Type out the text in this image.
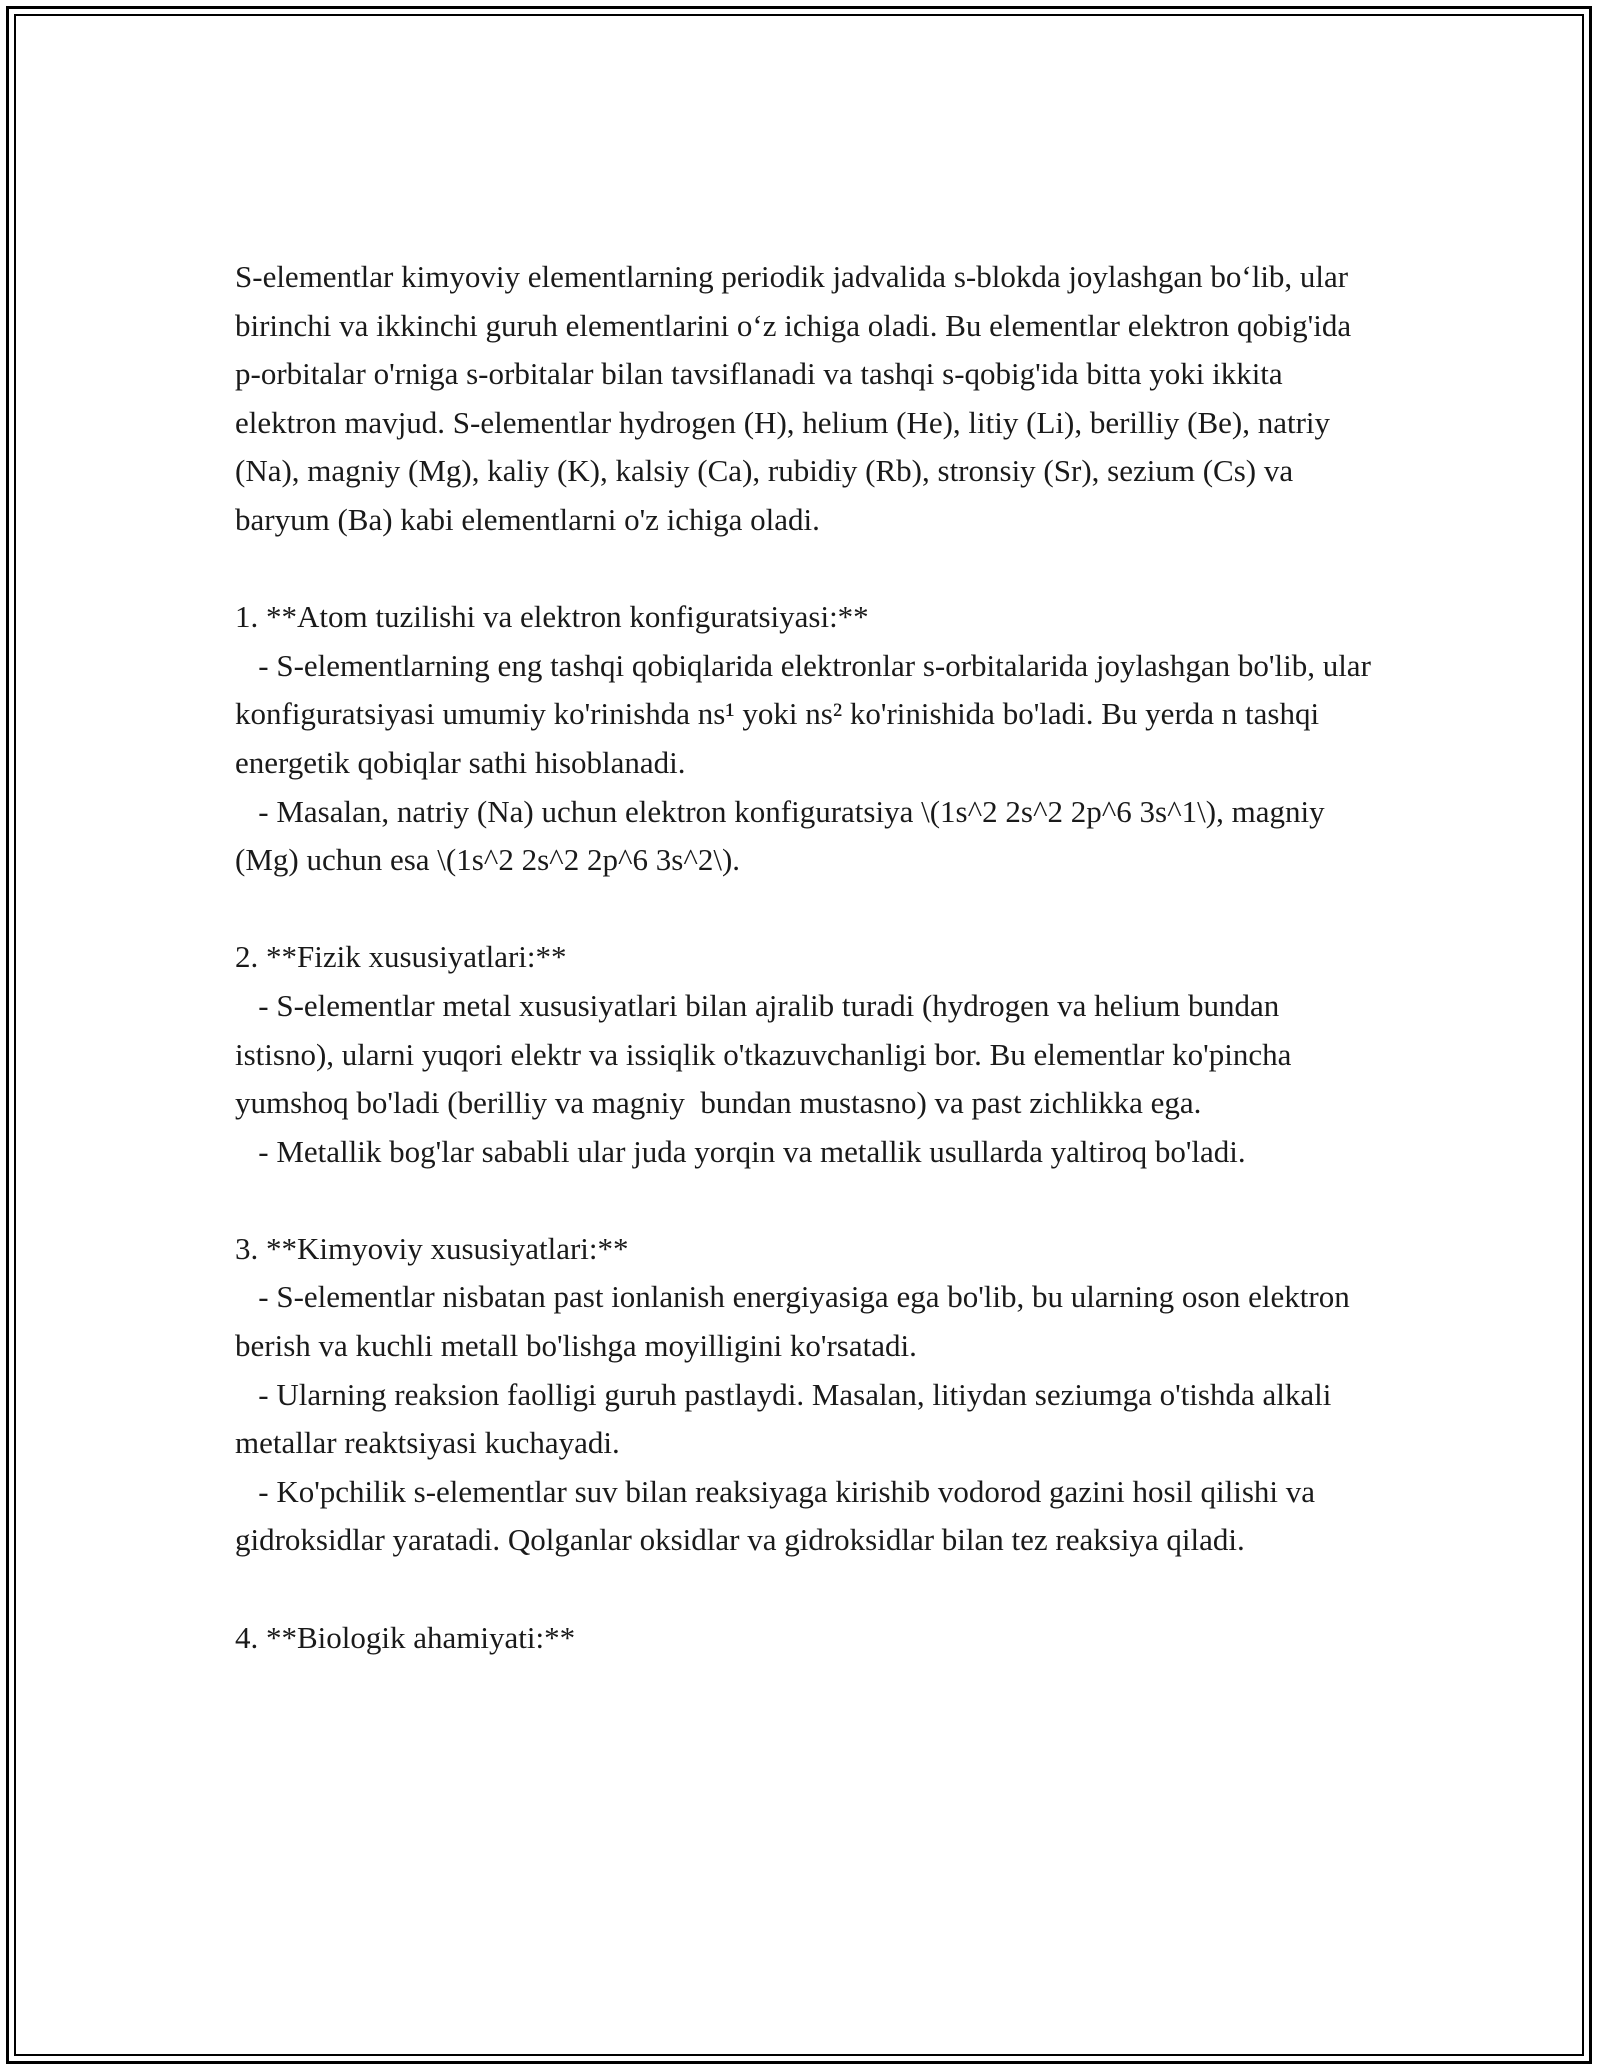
S-elementlar kimyoviy elementlarning periodik jadvalida s-blokda joylashgan bo‘lib, ular birinchi va ikkinchi guruh elementlarini o‘z ichiga oladi. Bu elementlar elektron qobig'ida p-orbitalar o'rniga s-orbitalar bilan tavsiflanadi va tashqi s-qobig'ida bitta yoki ikkita elektron mavjud. S-elementlar hydrogen (H), helium (He), litiy (Li), berilliy (Be), natriy (Na), magniy (Mg), kaliy (K), kalsiy (Ca), rubidiy (Rb), stronsiy (Sr), sezium (Cs) va baryum (Ba) kabi elementlarni o'z ichiga oladi.

1. **Atom tuzilishi va elektron konfiguratsiyasi:**

- S-elementlarning eng tashqi qobiqlarida elektronlar s-orbitalarida joylashgan bo'lib, ular konfiguratsiyasi umumiy ko'rinishda ns¹ yoki ns² ko'rinishida bo'ladi. Bu yerda n tashqi energetik qobiqlar sathi hisoblanadi.

- Masalan, natriy (Na) uchun elektron konfiguratsiya \(1s^2 2s^2 2p^6 3s^1\), magniy (Mg) uchun esa \(1s^2 2s^2 2p^6 3s^2\).

2. **Fizik xususiyatlari:**

- S-elementlar metal xususiyatlari bilan ajralib turadi (hydrogen va helium bundan istisno), ularni yuqori elektr va issiqlik o'tkazuvchanligi bor. Bu elementlar ko'pincha yumshoq bo'ladi (berilliy va magniy  bundan mustasno) va past zichlikka ega.

- Metallik bog'lar sababli ular juda yorqin va metallik usullarda yaltiroq bo'ladi.

3. **Kimyoviy xususiyatlari:**

- S-elementlar nisbatan past ionlanish energiyasiga ega bo'lib, bu ularning oson elektron berish va kuchli metall bo'lishga moyilligini ko'rsatadi.

- Ularning reaksion faolligi guruh pastlaydi. Masalan, litiydan seziumga o'tishda alkali metallar reaktsiyasi kuchayadi.

- Ko'pchilik s-elementlar suv bilan reaksiyaga kirishib vodorod gazini hosil qilishi va gidroksidlar yaratadi. Qolganlar oksidlar va gidroksidlar bilan tez reaksiya qiladi.

4. **Biologik ahamiyati:**
